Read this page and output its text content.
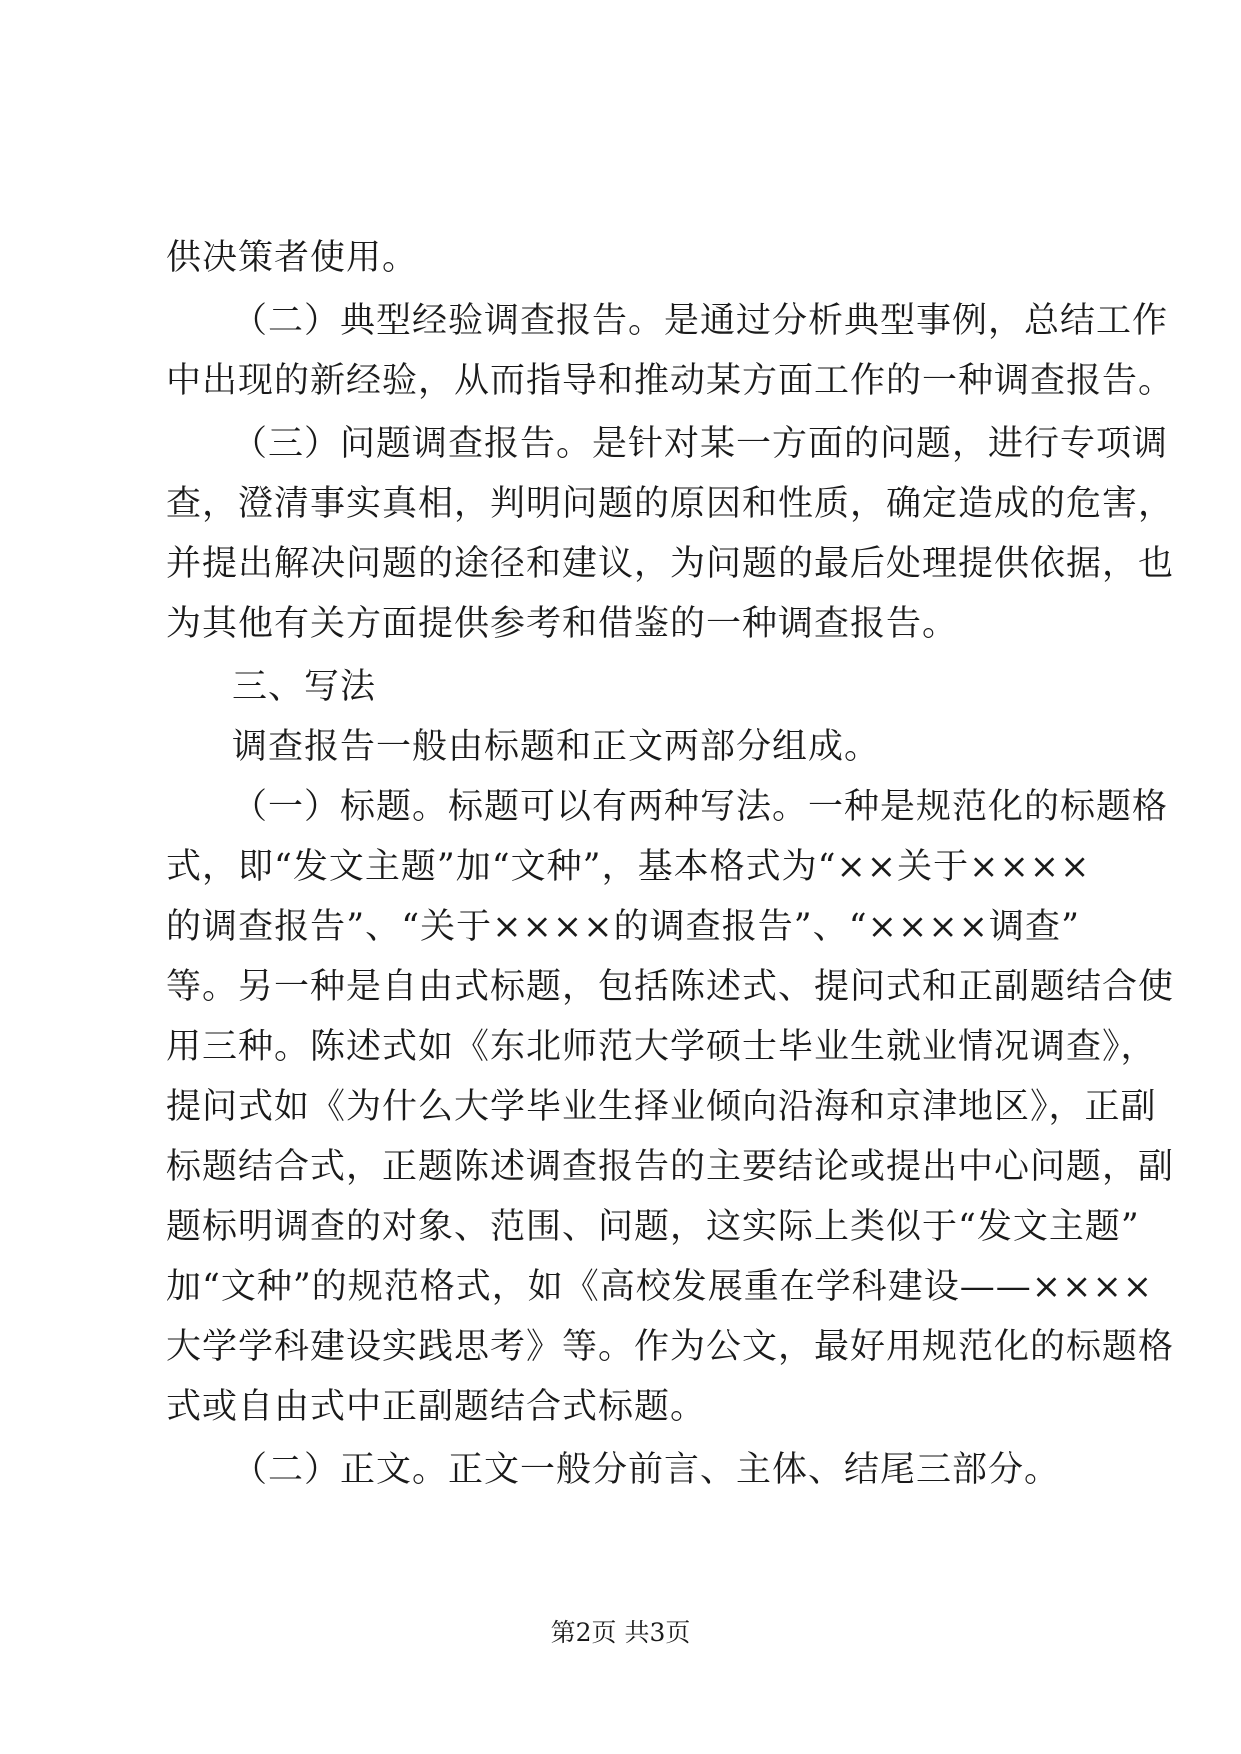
供决策者使用。
（二）典型经验调查报告。是通过分析典型事例，总结工作
中出现的新经验，从而指导和推动某方面工作的一种调查报告。
（三）问题调查报告。是针对某一方面的问题，进行专项调
查，澄清事实真相，判明问题的原因和性质，确定造成的危害，
并提出解决问题的途径和建议，为问题的最后处理提供依据，也
为其他有关方面提供参考和借鉴的一种调查报告。
三、写法
调查报告一般由标题和正文两部分组成。
（一）标题。标题可以有两种写法。一种是规范化的标题格
式，即“发文主题”加“文种”，基本格式为“××关于××××
的调查报告”、“关于××××的调查报告”、“××××调查”
等。另一种是自由式标题，包括陈述式、提问式和正副题结合使
用三种。陈述式如《东北师范大学硕士毕业生就业情况调查》，
提问式如《为什么大学毕业生择业倾向沿海和京津地区》，正副
标题结合式，正题陈述调查报告的主要结论或提出中心问题，副
题标明调查的对象、范围、问题，这实际上类似于“发文主题”
加“文种”的规范格式，如《高校发展重在学科建设——××××
大学学科建设实践思考》等。作为公文，最好用规范化的标题格
式或自由式中正副题结合式标题。
（二）正文。正文一般分前言、主体、结尾三部分。
第2页 共3页
